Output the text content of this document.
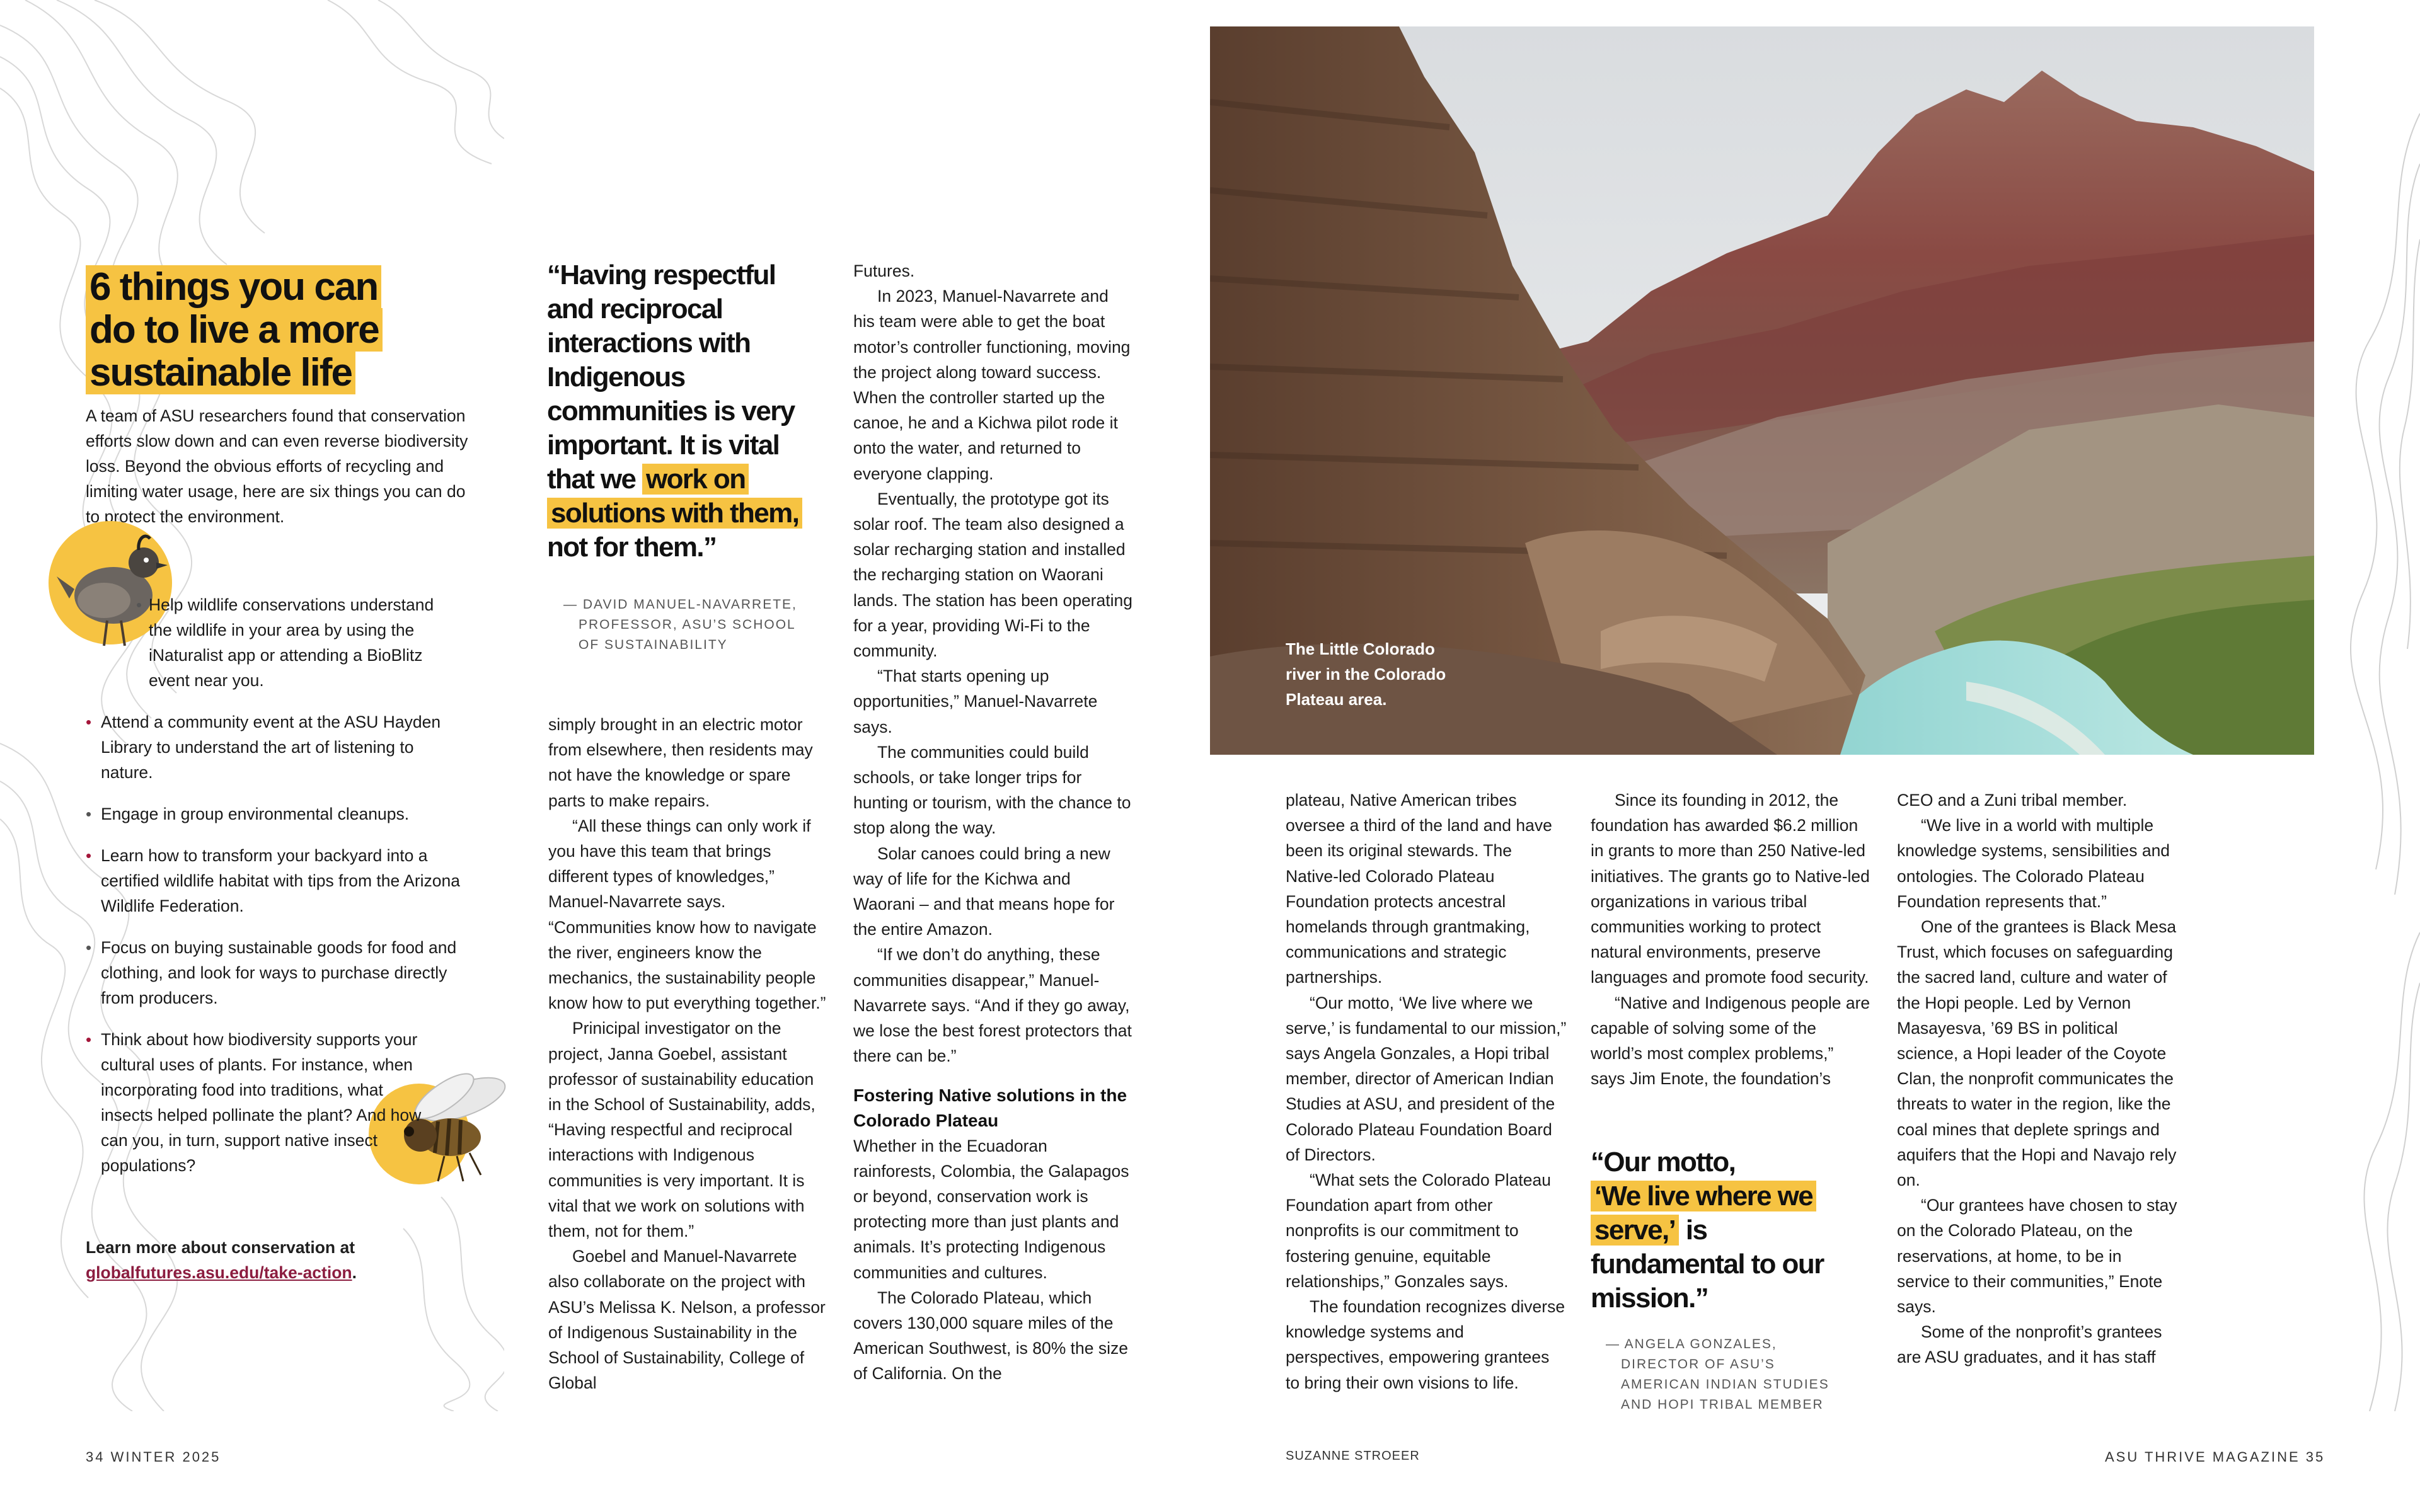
6 things you can do to live a more sustainable life
A team of ASU researchers found that conservation efforts slow down and can even reverse biodiversity loss. Beyond the obvious efforts of recycling and limiting water usage, here are six things you can do to protect the environment.
• Help wildlife conservations understand the wildlife in your area by using the iNaturalist app or attending a BioBlitz event near you.
• Attend a community event at the ASU Hayden Library to understand the art of listening to nature.
• Engage in group environmental cleanups.
• Learn how to transform your backyard into a certified wildlife habitat with tips from the Arizona Wildlife Federation.
• Focus on buying sustainable goods for food and clothing, and look for ways to purchase directly from producers.
• Think about how biodiversity supports your cultural uses of plants. For instance, when incorporating food into traditions, what insects helped pollinate the plant? And how can you, in turn, support native insect populations?
Learn more about conservation at
globalfutures.asu.edu/take-action.

“Having respectful and reciprocal interactions with Indigenous communities is very important. It is vital that we work on solutions with them, not for them.”

— DAVID MANUEL-NAVARRETE,
PROFESSOR, ASU’S SCHOOL
OF SUSTAINABILITY

simply brought in an electric motor from elsewhere, then residents may not have the knowledge or spare parts to make repairs.

“All these things can only work if you have this team that brings different types of knowledges,” Manuel-Navarrete says. “Communities know how to navigate the river, engineers know the mechanics, the sustainability people know how to put everything together.”

Prinicipal investigator on the project, Janna Goebel, assistant professor of sustainability education in the School of Sustainability, adds, “Having respectful and reciprocal interactions with Indigenous communities is very important. It is vital that we work on solutions with them, not for them.”

Goebel and Manuel-Navarrete also collaborate on the project with ASU’s Melissa K. Nelson, a professor of Indigenous Sustainability in the School of Sustainability, College of Global

Futures.

In 2023, Manuel-Navarrete and his team were able to get the boat motor’s controller functioning, moving the project along toward success. When the controller started up the canoe, he and a Kichwa pilot rode it onto the water, and returned to everyone clapping.

Eventually, the prototype got its solar roof. The team also designed a solar recharging station and installed the recharging station on Waorani lands. The station has been operating for a year, providing Wi-Fi to the community.

“That starts opening up opportunities,” Manuel-Navarrete says.

The communities could build schools, or take longer trips for hunting or tourism, with the chance to stop along the way.

Solar canoes could bring a new way of life for the Kichwa and Waorani – and that means hope for the entire Amazon.

“If we don’t do anything, these communities disappear,” Manuel-Navarrete says. “And if they go away, we lose the best forest protectors that there can be.”

Fostering Native solutions in the Colorado Plateau

Whether in the Ecuadoran rainforests, Colombia, the Galapagos or beyond, conservation work is protecting more than just plants and animals. It’s protecting Indigenous communities and cultures.

The Colorado Plateau, which covers 130,000 square miles of the American Southwest, is 80% the size of California. On the

The Little Colorado river in the Colorado Plateau area.

plateau, Native American tribes oversee a third of the land and have been its original stewards. The Native-led Colorado Plateau Foundation protects ancestral homelands through grantmaking, communications and strategic partnerships.

“Our motto, ‘We live where we serve,’ is fundamental to our mission,” says Angela Gonzales, a Hopi tribal member, director of American Indian Studies at ASU, and president of the Colorado Plateau Foundation Board of Directors.

“What sets the Colorado Plateau Foundation apart from other nonprofits is our commitment to fostering genuine, equitable relationships,” Gonzales says.

The foundation recognizes diverse knowledge systems and perspectives, empowering grantees to bring their own visions to life.

Since its founding in 2012, the foundation has awarded $6.2 million in grants to more than 250 Native-led initiatives. The grants go to Native-led organizations in various tribal communities working to protect natural environments, preserve languages and promote food security.

“Native and Indigenous people are capable of solving some of the world’s most complex problems,” says Jim Enote, the foundation’s

“Our motto,
‘We live where we serve,’ is fundamental to our mission.”

— ANGELA GONZALES,
DIRECTOR OF ASU’S
AMERICAN INDIAN STUDIES
AND HOPI TRIBAL MEMBER

CEO and a Zuni tribal member.

“We live in a world with multiple knowledge systems, sensibilities and ontologies. The Colorado Plateau Foundation represents that.”

One of the grantees is Black Mesa Trust, which focuses on safeguarding the sacred land, culture and water of the Hopi people. Led by Vernon Masayesva, ’69 BS in political science, a Hopi leader of the Coyote Clan, the nonprofit communicates the threats to water in the region, like the coal mines that deplete springs and aquifers that the Hopi and Navajo rely on.

“Our grantees have chosen to stay on the Colorado Plateau, on the reservations, at home, to be in service to their communities,” Enote says.

Some of the nonprofit’s grantees are ASU graduates, and it has staff

34 WINTER 2025	SUZANNE STROEER	ASU THRIVE MAGAZINE 35
